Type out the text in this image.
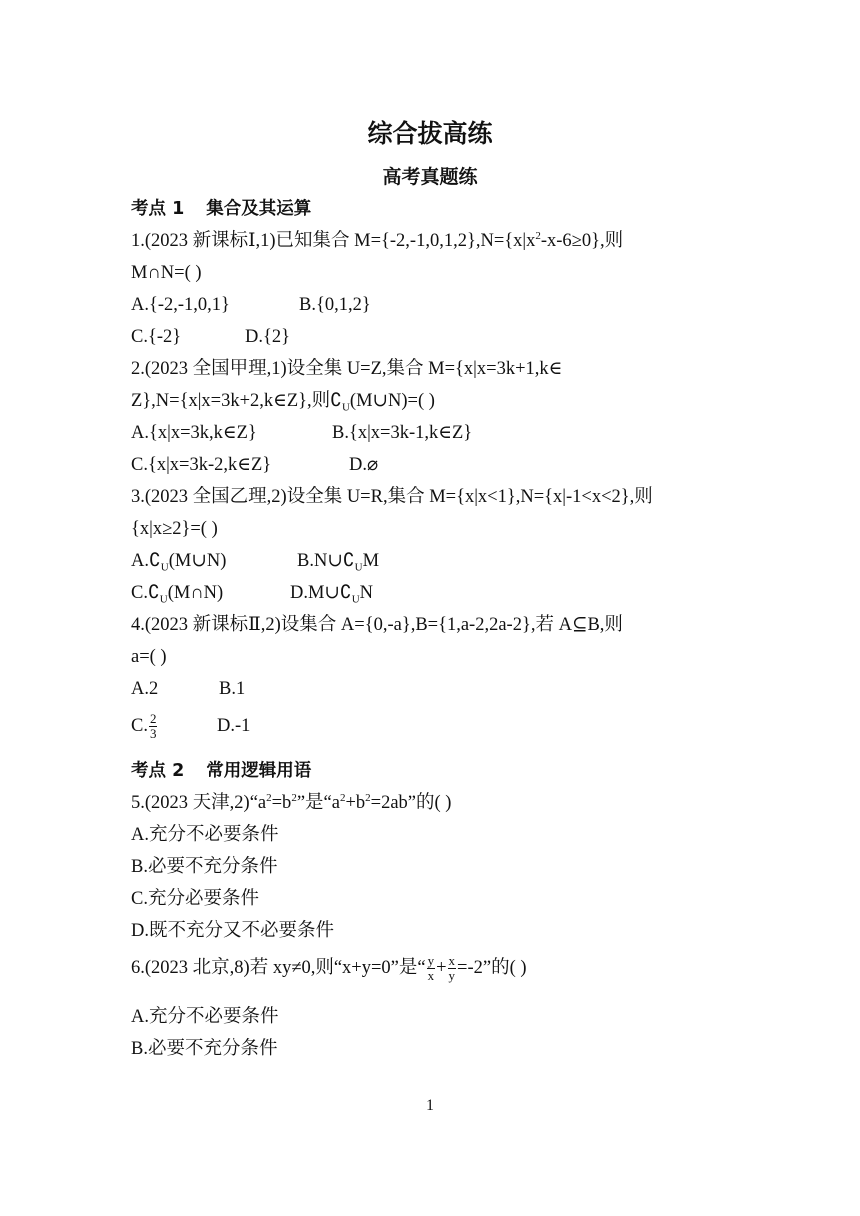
综合拔高练
高考真题练
考点 1 集合及其运算
1.(2023 新课标Ⅰ,1)已知集合 $M=\{-2,-1,0,1,2\},N=\{x|x^2-x-6\ge 0\}$,则
M∩N=( )
A.{-2,-1,0,1}	B.{0,1,2}
C.{-2}	D.{2}
2.(2023 全国甲理,1)设全集 U=Z,集合 M={x|x=3k+1,k∈
Z},N={x|x=3k+2,k∈Z},则$∁_U(M\cup N)=$( )
A.{x|x=3k,k∈Z}	B.{x|x=3k-1,k∈Z}
C.{x|x=3k-2,k∈Z}	D.⌀
3.(2023 全国乙理,2)设全集 U=R,集合 M={x|x<1},N={x|-1<x<2},则
{x|x≥2}=( )
$A.∁_U(M\cup N)$	$B.N\cup∁_UM$
$C.∁_U(M\cap N)$	$D.M\cup∁_UN$
4.(2023 新课标Ⅱ,2)设集合 A={0,-a},B={1,a-2,2a-2},若 A⊆B,则
a=( )
A.2	B.1
C. $\frac{2}{3}$	D.-1
考点 2 常用逻辑用语
5.(2023 天津$,2)“a^2=b^2$”是“$a^2+b^2=2ab$”的( )
A.充分不必要条件
B.必要不充分条件
C.充分必要条件
D.既不充分又不必要条件
6.(2023 北京,8)若 xy≠0,则“x+y=0”是“ $\frac{y}{x} + \frac{x}{y} =-2$”的( )
A.充分不必要条件
B.必要不充分条件
1
